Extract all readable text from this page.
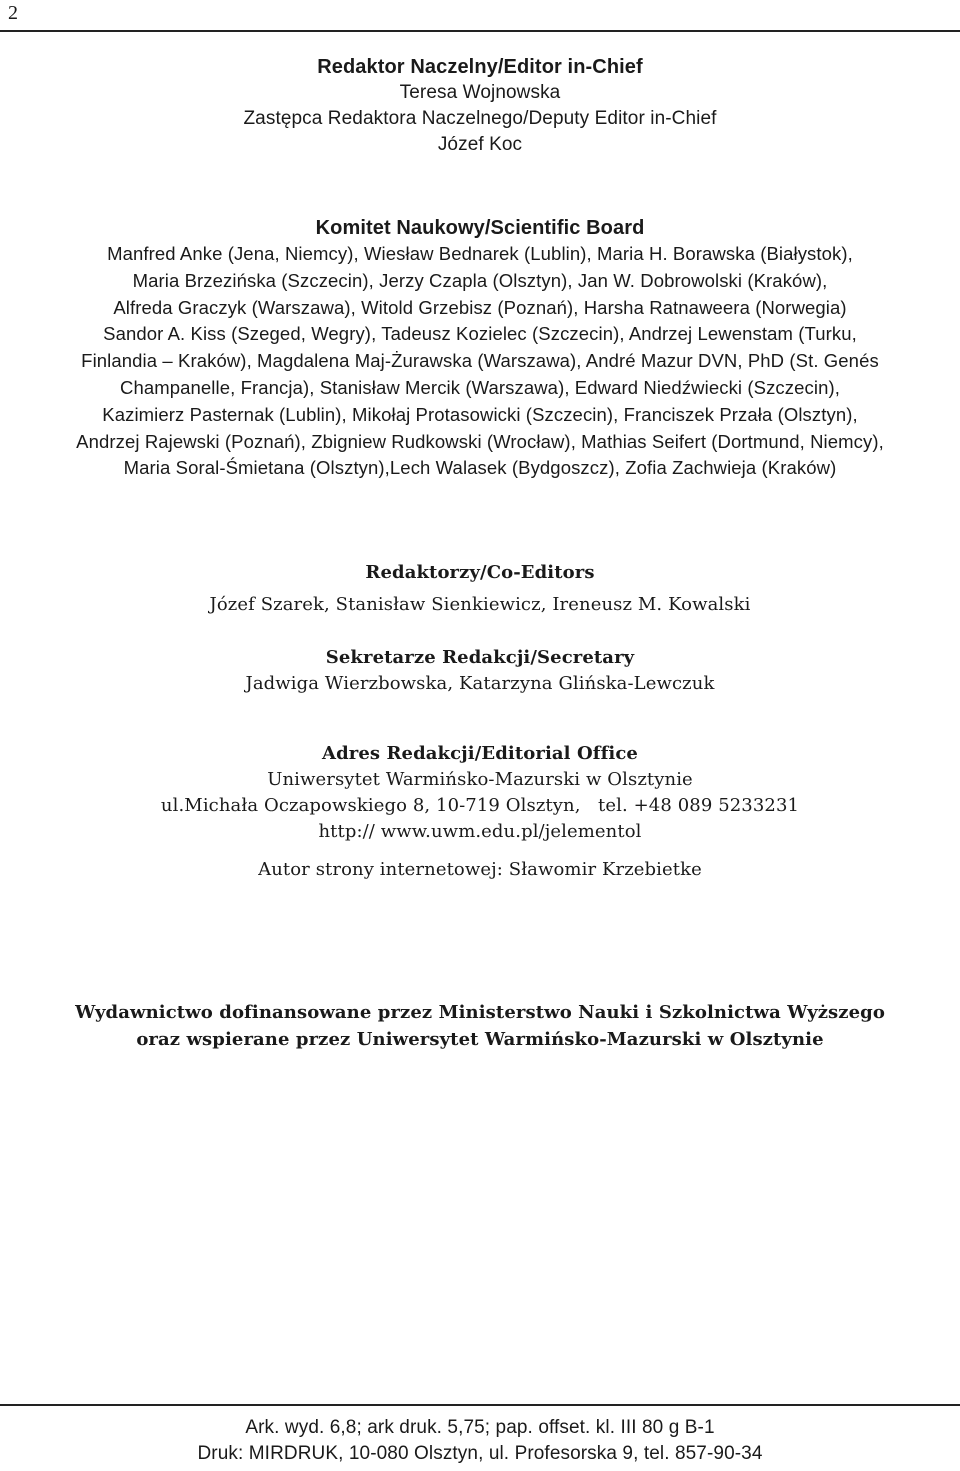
2
Redaktor Naczelny/Editor in-Chief
Teresa Wojnowska
Zastępca Redaktora Naczelnego/Deputy Editor in-Chief
Józef Koc
Komitet Naukowy/Scientific Board
Manfred Anke (Jena, Niemcy), Wiesław Bednarek (Lublin), Maria H. Borawska (Białystok),
Maria Brzezińska (Szczecin), Jerzy Czapla (Olsztyn), Jan W. Dobrowolski (Kraków),
Alfreda Graczyk (Warszawa), Witold Grzebisz (Poznań), Harsha Ratnaweera (Norwegia)
Sandor A. Kiss (Szeged, Wegry), Tadeusz Kozielec (Szczecin), Andrzej Lewenstam (Turku,
Finlandia – Kraków), Magdalena Maj-Żurawska (Warszawa), André Mazur DVN, PhD (St. Genés
Champanelle, Francja), Stanisław Mercik (Warszawa), Edward Niedźwiecki (Szczecin),
Kazimierz Pasternak (Lublin), Mikołaj Protasowicki (Szczecin), Franciszek Przała (Olsztyn),
Andrzej Rajewski (Poznań), Zbigniew Rudkowski (Wrocław), Mathias Seifert (Dortmund, Niemcy),
Maria Soral-Śmietana (Olsztyn),Lech Walasek (Bydgoszcz), Zofia Zachwieja (Kraków)
Redaktorzy/Co-Editors
Józef Szarek, Stanisław Sienkiewicz, Ireneusz M. Kowalski
Sekretarze Redakcji/Secretary
Jadwiga Wierzbowska, Katarzyna Glińska-Lewczuk
Adres Redakcji/Editorial Office
Uniwersytet Warmińsko-Mazurski w Olsztynie
ul.Michała Oczapowskiego 8, 10-719 Olsztyn, tel. +48 089 5233231
http:// www.uwm.edu.pl/jelementol
Autor strony internetowej: Sławomir Krzebietke
Wydawnictwo dofinansowane przez Ministerstwo Nauki i Szkolnictwa Wyższego
oraz wspierane przez Uniwersytet Warmińsko-Mazurski w Olsztynie
Ark. wyd. 6,8; ark druk. 5,75; pap. offset. kl. III 80 g B-1
Druk: MIRDRUK, 10-080 Olsztyn, ul. Profesorska 9, tel. 857-90-34
